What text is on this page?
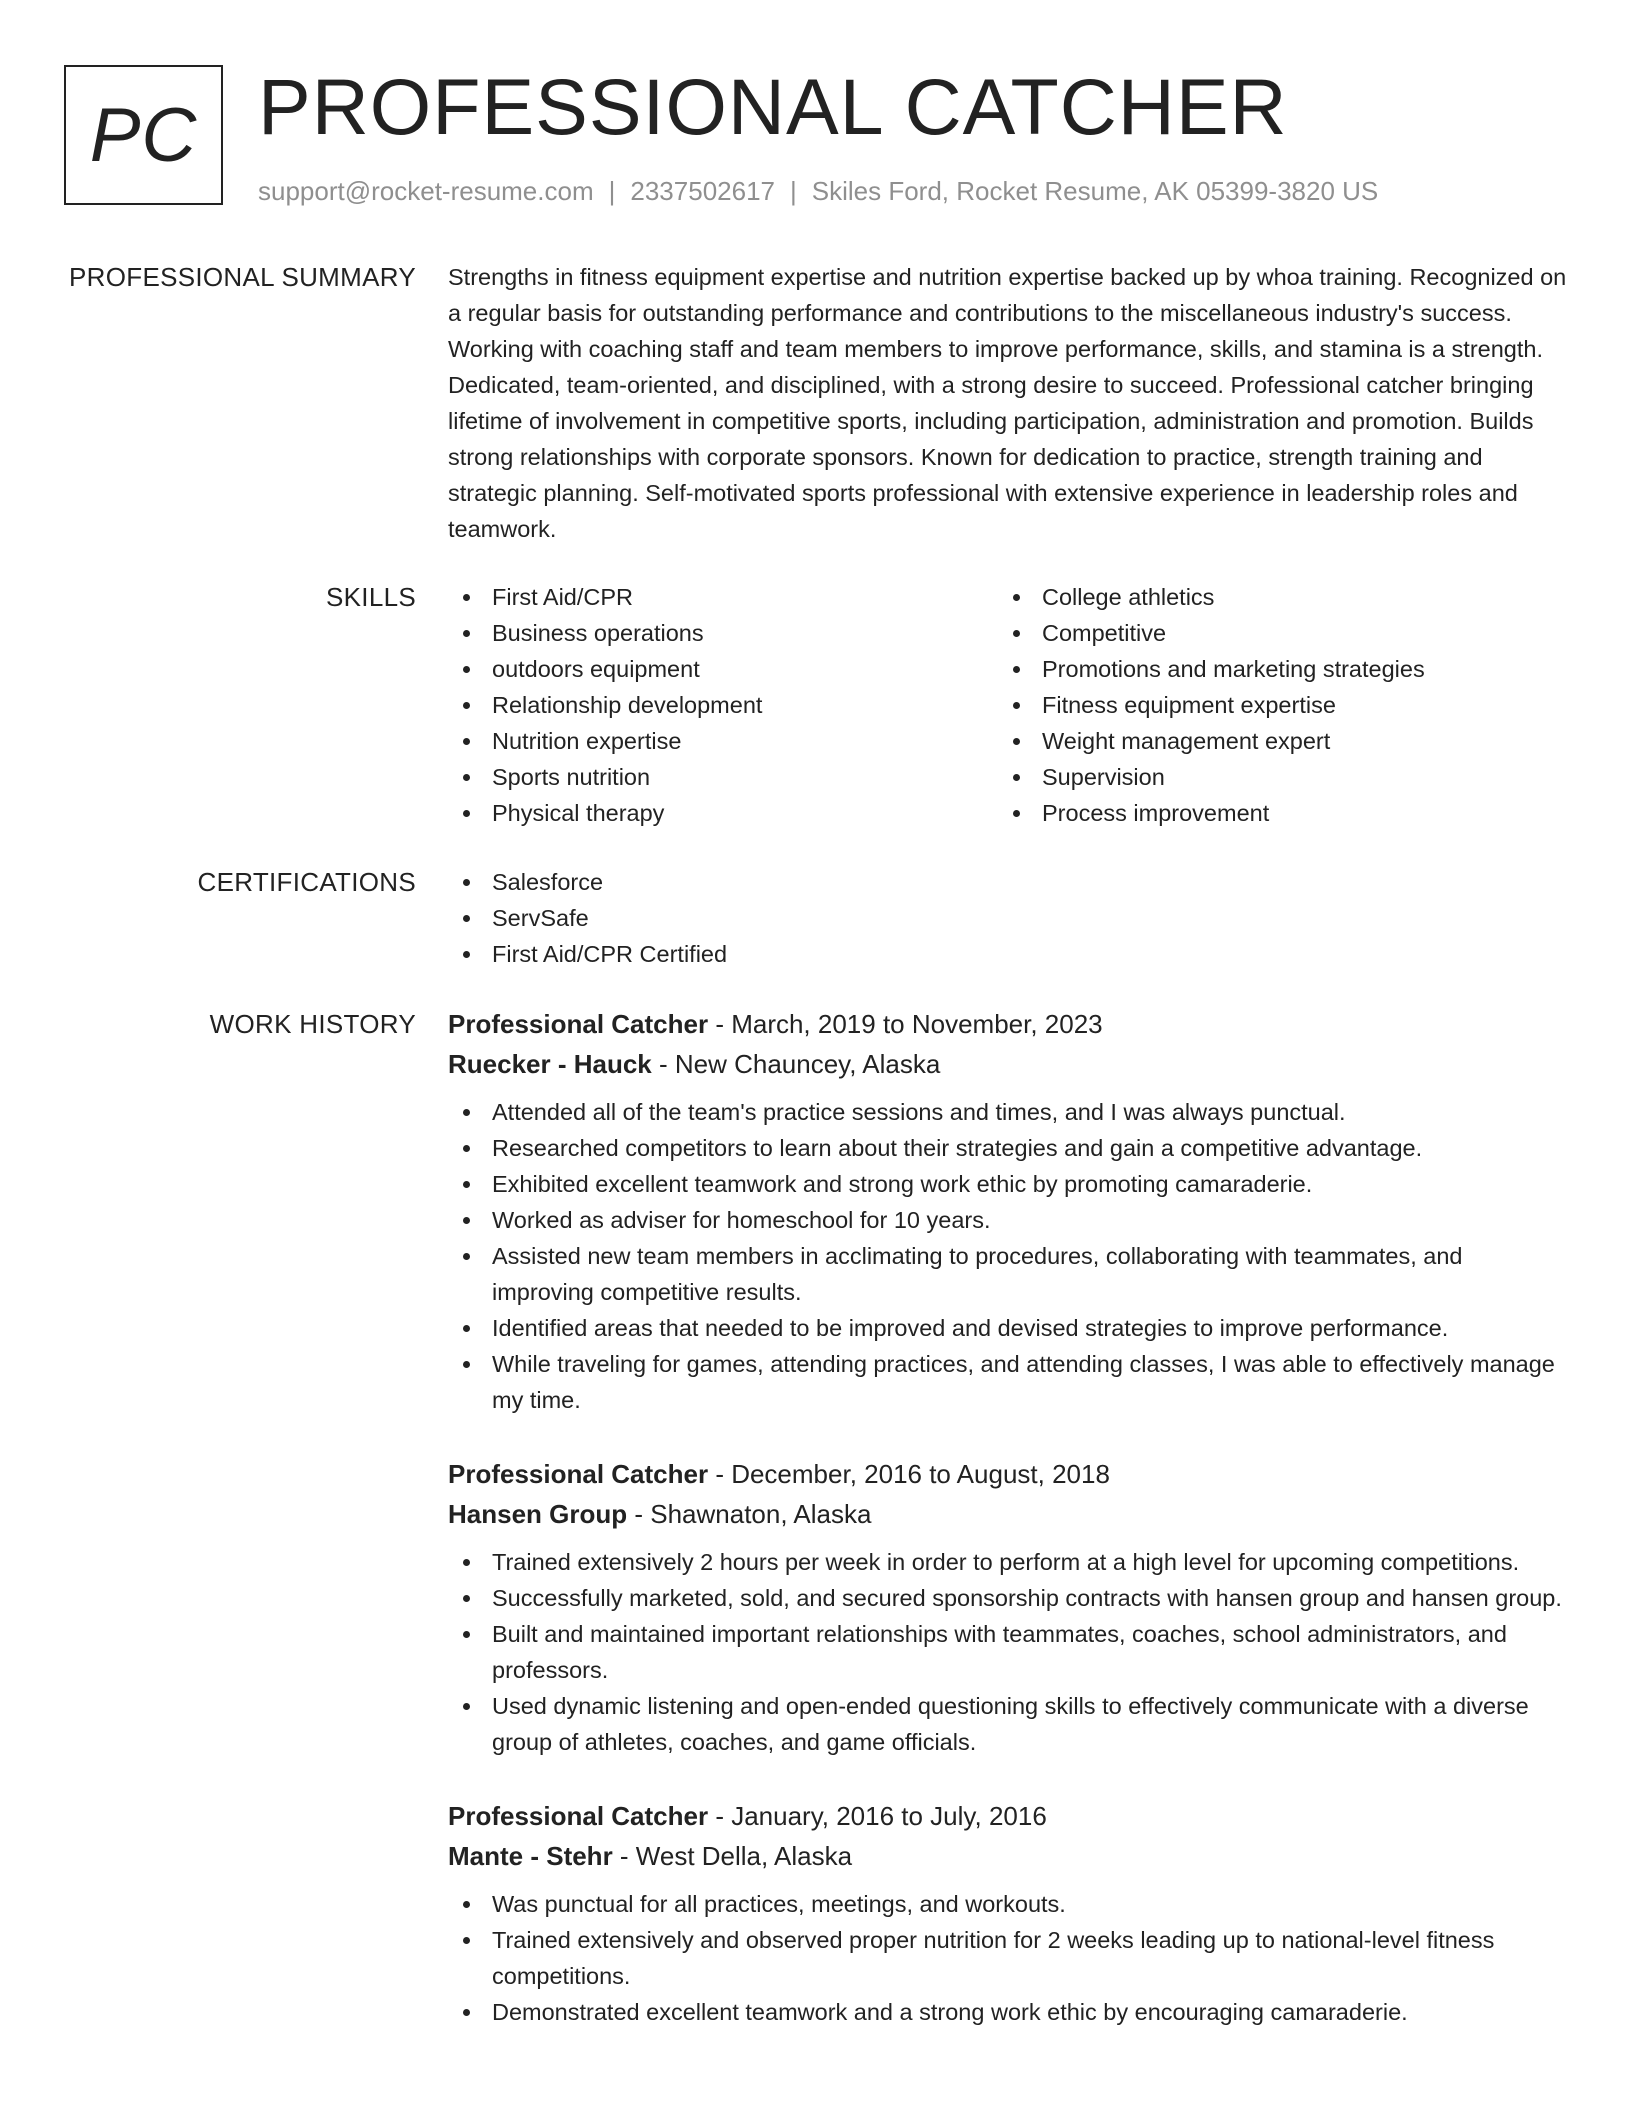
PC PROFESSIONAL CATCHER
support@rocket-resume.com | 2337502617 | Skiles Ford, Rocket Resume, AK 05399-3820 US
PROFESSIONAL SUMMARY Strengths in fitness equipment expertise and nutrition expertise backed up by whoa training. Recognized on a regular basis for outstanding performance and contributions to the miscellaneous industry's success. Working with coaching staff and team members to improve performance, skills, and stamina is a strength. Dedicated, team-oriented, and disciplined, with a strong desire to succeed. Professional catcher bringing lifetime of involvement in competitive sports, including participation, administration and promotion. Builds strong relationships with corporate sponsors. Known for dedication to practice, strength training and strategic planning. Self-motivated sports professional with extensive experience in leadership roles and teamwork.

SKILLS	First Aid/CPR
Business operations
outdoors equipment
Relationship development
Nutrition expertise
Sports nutrition
Physical therapy
College athletics
Competitive
Promotions and marketing strategies
Fitness equipment expertise
Weight management expert
Supervision
Process improvement
CERTIFICATIONS	Salesforce
ServSafe
First Aid/CPR Certified
WORK HISTORY Professional Catcher - March, 2019 to November, 2023
Ruecker - Hauck - New Chauncey, Alaska
Attended all of the team's practice sessions and times, and I was always punctual.
Researched competitors to learn about their strategies and gain a competitive advantage.
Exhibited excellent teamwork and strong work ethic by promoting camaraderie.
Worked as adviser for homeschool for 10 years.
Assisted new team members in acclimating to procedures, collaborating with teammates, and improving competitive results.
Identified areas that needed to be improved and devised strategies to improve performance.
While traveling for games, attending practices, and attending classes, I was able to effectively manage my time.
Professional Catcher - December, 2016 to August, 2018
Hansen Group - Shawnaton, Alaska
Trained extensively 2 hours per week in order to perform at a high level for upcoming competitions.
Successfully marketed, sold, and secured sponsorship contracts with hansen group and hansen group.
Built and maintained important relationships with teammates, coaches, school administrators, and professors.
Used dynamic listening and open-ended questioning skills to effectively communicate with a diverse group of athletes, coaches, and game officials.
Professional Catcher - January, 2016 to July, 2016
Mante - Stehr - West Della, Alaska
Was punctual for all practices, meetings, and workouts.
Trained extensively and observed proper nutrition for 2 weeks leading up to national-level fitness competitions.
Demonstrated excellent teamwork and a strong work ethic by encouraging camaraderie.
